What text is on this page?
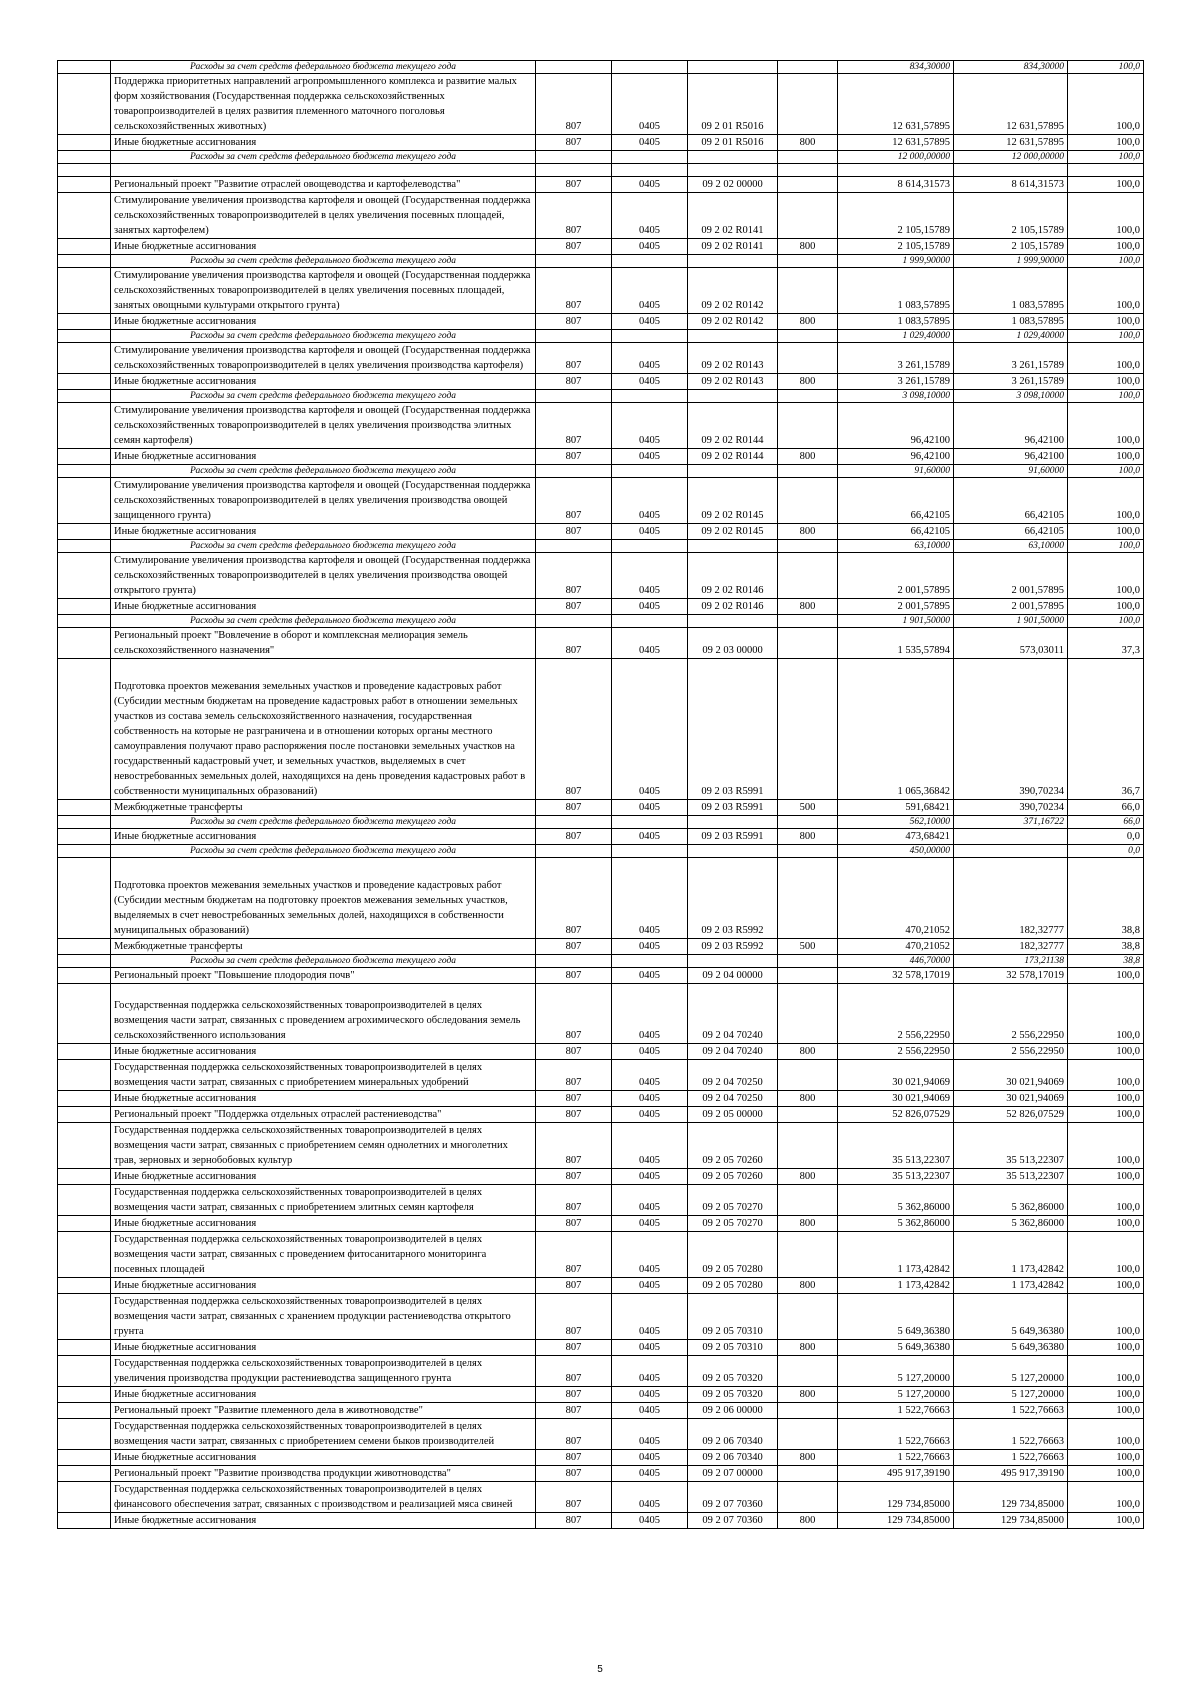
	Расходы за счет средств федерального бюджета текущего года					834,30000	834,30000	100,0
	Поддержка приоритетных направлений агропромышленного комплекса и развитие малых форм хозяйствования (Государственная поддержка сельскохозяйственных товаропроизводителей в целях развития племенного маточного поголовья сельскохозяйственных животных)	807	0405	09 2 01 R5016		12 631,57895	12 631,57895	100,0
	Иные бюджетные ассигнования	807	0405	09 2 01 R5016	800	12 631,57895	12 631,57895	100,0
	Расходы за счет средств федерального бюджета текущего года					12 000,00000	12 000,00000	100,0

	Региональный проект "Развитие отраслей овощеводства и картофелеводства"	807	0405	09 2 02 00000		8 614,31573	8 614,31573	100,0
	Стимулирование увеличения производства картофеля и овощей (Государственная поддержка сельскохозяйственных товаропроизводителей в целях увеличения посевных площадей, занятых картофелем)	807	0405	09 2 02 R0141		2 105,15789	2 105,15789	100,0
	Иные бюджетные ассигнования	807	0405	09 2 02 R0141	800	2 105,15789	2 105,15789	100,0
	Расходы за счет средств федерального бюджета текущего года					1 999,90000	1 999,90000	100,0
	Стимулирование увеличения производства картофеля и овощей (Государственная поддержка сельскохозяйственных товаропроизводителей в целях увеличения посевных площадей, занятых овощными культурами открытого грунта)	807	0405	09 2 02 R0142		1 083,57895	1 083,57895	100,0
	Иные бюджетные ассигнования	807	0405	09 2 02 R0142	800	1 083,57895	1 083,57895	100,0
	Расходы за счет средств федерального бюджета текущего года					1 029,40000	1 029,40000	100,0
	Стимулирование увеличения производства картофеля и овощей (Государственная поддержка сельскохозяйственных товаропроизводителей в целях увеличения производства картофеля)	807	0405	09 2 02 R0143		3 261,15789	3 261,15789	100,0
	Иные бюджетные ассигнования	807	0405	09 2 02 R0143	800	3 261,15789	3 261,15789	100,0
	Расходы за счет средств федерального бюджета текущего года					3 098,10000	3 098,10000	100,0
	Стимулирование увеличения производства картофеля и овощей (Государственная поддержка сельскохозяйственных товаропроизводителей в целях увеличения производства элитных семян картофеля)	807	0405	09 2 02 R0144		96,42100	96,42100	100,0
	Иные бюджетные ассигнования	807	0405	09 2 02 R0144	800	96,42100	96,42100	100,0
	Расходы за счет средств федерального бюджета текущего года					91,60000	91,60000	100,0
	Стимулирование увеличения производства картофеля и овощей (Государственная поддержка сельскохозяйственных товаропроизводителей в целях увеличения производства овощей защищенного грунта)	807	0405	09 2 02 R0145		66,42105	66,42105	100,0
	Иные бюджетные ассигнования	807	0405	09 2 02 R0145	800	66,42105	66,42105	100,0
	Расходы за счет средств федерального бюджета текущего года					63,10000	63,10000	100,0
	Стимулирование увеличения производства картофеля и овощей (Государственная поддержка сельскохозяйственных товаропроизводителей в целях увеличения производства овощей открытого грунта)	807	0405	09 2 02 R0146		2 001,57895	2 001,57895	100,0
	Иные бюджетные ассигнования	807	0405	09 2 02 R0146	800	2 001,57895	2 001,57895	100,0
	Расходы за счет средств федерального бюджета текущего года					1 901,50000	1 901,50000	100,0
	Региональный проект "Вовлечение в оборот и комплексная мелиорация земель сельскохозяйственного назначения"	807	0405	09 2 03 00000		1 535,57894	573,03011	37,3
	Подготовка проектов межевания земельных участков и проведение кадастровых работ (Субсидии местным бюджетам на проведение кадастровых работ в отношении земельных участков из состава земель сельскохозяйственного назначения, государственная собственность на которые не разграничена и в отношении которых органы местного самоуправления получают право распоряжения после постановки земельных участков на государственный кадастровый учет, и земельных участков, выделяемых в счет невостребованных земельных долей, находящихся на день проведения кадастровых работ в собственности муниципальных образований)	807	0405	09 2 03 R5991		1 065,36842	390,70234	36,7
	Межбюджетные трансферты	807	0405	09 2 03 R5991	500	591,68421	390,70234	66,0
	Расходы за счет средств федерального бюджета текущего года					562,10000	371,16722	66,0
	Иные бюджетные ассигнования	807	0405	09 2 03 R5991	800	473,68421		0,0
	Расходы за счет средств федерального бюджета текущего года					450,00000		0,0
	Подготовка проектов межевания земельных участков и проведение кадастровых работ (Субсидии местным бюджетам на подготовку проектов межевания земельных участков, выделяемых в счет невостребованных земельных долей, находящихся в собственности муниципальных образований)	807	0405	09 2 03 R5992		470,21052	182,32777	38,8
	Межбюджетные трансферты	807	0405	09 2 03 R5992	500	470,21052	182,32777	38,8
	Расходы за счет средств федерального бюджета текущего года					446,70000	173,21138	38,8
	Региональный проект "Повышение плодородия почв"	807	0405	09 2 04 00000		32 578,17019	32 578,17019	100,0
	Государственная поддержка сельскохозяйственных товаропроизводителей в целях возмещения части затрат, связанных с проведением агрохимического обследования земель сельскохозяйственного использования	807	0405	09 2 04 70240		2 556,22950	2 556,22950	100,0
	Иные бюджетные ассигнования	807	0405	09 2 04 70240	800	2 556,22950	2 556,22950	100,0
	Государственная поддержка сельскохозяйственных товаропроизводителей в целях возмещения части затрат, связанных с приобретением минеральных удобрений	807	0405	09 2 04 70250		30 021,94069	30 021,94069	100,0
	Иные бюджетные ассигнования	807	0405	09 2 04 70250	800	30 021,94069	30 021,94069	100,0
	Региональный проект "Поддержка отдельных отраслей растениеводства"	807	0405	09 2 05 00000		52 826,07529	52 826,07529	100,0
	Государственная поддержка сельскохозяйственных товаропроизводителей в целях возмещения части затрат, связанных с приобретением семян однолетних и многолетних трав, зерновых и зернобобовых культур	807	0405	09 2 05 70260		35 513,22307	35 513,22307	100,0
	Иные бюджетные ассигнования	807	0405	09 2 05 70260	800	35 513,22307	35 513,22307	100,0
	Государственная поддержка сельскохозяйственных товаропроизводителей в целях возмещения части затрат, связанных с приобретением элитных семян картофеля	807	0405	09 2 05 70270		5 362,86000	5 362,86000	100,0
	Иные бюджетные ассигнования	807	0405	09 2 05 70270	800	5 362,86000	5 362,86000	100,0
	Государственная поддержка сельскохозяйственных товаропроизводителей в целях возмещения части затрат, связанных с проведением фитосанитарного мониторинга посевных площадей	807	0405	09 2 05 70280		1 173,42842	1 173,42842	100,0
	Иные бюджетные ассигнования	807	0405	09 2 05 70280	800	1 173,42842	1 173,42842	100,0
	Государственная поддержка сельскохозяйственных товаропроизводителей в целях возмещения части затрат, связанных с хранением продукции растениеводства открытого грунта	807	0405	09 2 05 70310		5 649,36380	5 649,36380	100,0
	Иные бюджетные ассигнования	807	0405	09 2 05 70310	800	5 649,36380	5 649,36380	100,0
	Государственная поддержка сельскохозяйственных товаропроизводителей в целях увеличения производства продукции растениеводства защищенного грунта	807	0405	09 2 05 70320		5 127,20000	5 127,20000	100,0
	Иные бюджетные ассигнования	807	0405	09 2 05 70320	800	5 127,20000	5 127,20000	100,0
	Региональный проект "Развитие племенного дела в животноводстве"	807	0405	09 2 06 00000		1 522,76663	1 522,76663	100,0
	Государственная поддержка сельскохозяйственных товаропроизводителей в целях возмещения части затрат, связанных с приобретением семени быков производителей	807	0405	09 2 06 70340		1 522,76663	1 522,76663	100,0
	Иные бюджетные ассигнования	807	0405	09 2 06 70340	800	1 522,76663	1 522,76663	100,0
	Региональный проект "Развитие производства продукции животноводства"	807	0405	09 2 07 00000		495 917,39190	495 917,39190	100,0
	Государственная поддержка сельскохозяйственных товаропроизводителей в целях финансового обеспечения затрат, связанных с производством и реализацией мяса свиней	807	0405	09 2 07 70360		129 734,85000	129 734,85000	100,0
	Иные бюджетные ассигнования	807	0405	09 2 07 70360	800	129 734,85000	129 734,85000	100,0
5
